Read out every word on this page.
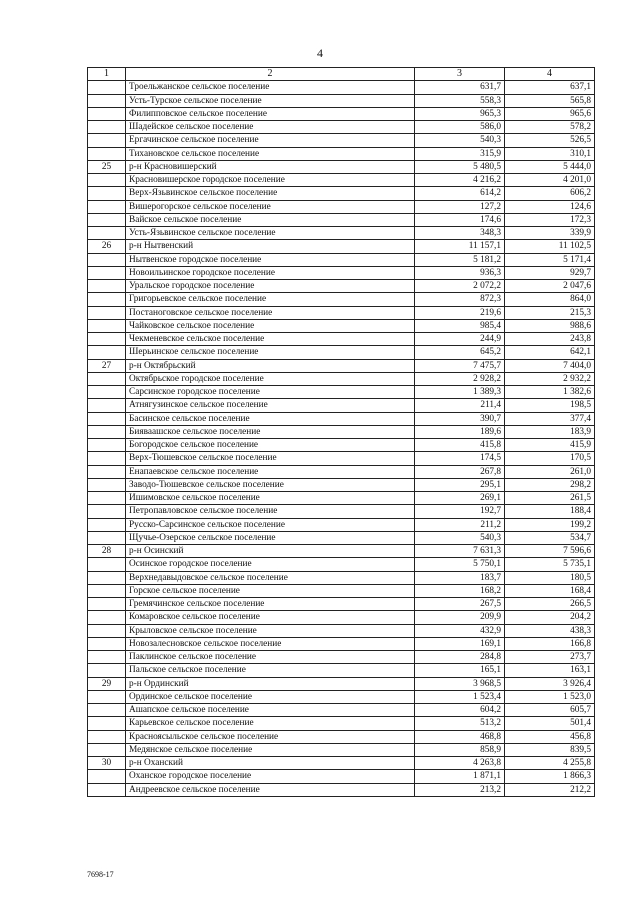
4
1	2	3	4
	Троельжанское сельское поселение	631,7	637,1
	Усть-Турское сельское поселение	558,3	565,8
	Филипповское сельское поселение	965,3	965,6
	Шадейское сельское поселение	586,0	578,2
	Ергачинское сельское поселение	540,3	526,5
	Тихановское сельское поселение	315,9	310,1
25	р-н Красновишерский	5 480,5	5 444,0
	Красновишерское городское поселение	4 216,2	4 201,0
	Верх-Язьвинское сельское поселение	614,2	606,2
	Вишерогорское сельское поселение	127,2	124,6
	Вайское сельское поселение	174,6	172,3
	Усть-Язьвинское сельское поселение	348,3	339,9
26	р-н Нытвенский	11 157,1	11 102,5
	Нытвенское городское поселение	5 181,2	5 171,4
	Новоильинское городское поселение	936,3	929,7
	Уральское городское поселение	2 072,2	2 047,6
	Григорьевское сельское поселение	872,3	864,0
	Постаноговское сельское поселение	219,6	215,3
	Чайковское сельское поселение	985,4	988,6
	Чекменевское сельское поселение	244,9	243,8
	Шерьинское сельское поселение	645,2	642,1
27	р-н Октябрьский	7 475,7	7 404,0
	Октябрьское городское поселение	2 928,2	2 932,2
	Сарсинское городское поселение	1 389,3	1 382,6
	Атнягузинское сельское поселение	211,4	198,5
	Басинское сельское поселение	390,7	377,4
	Бияваашское сельское поселение	189,6	183,9
	Богородское сельское поселение	415,8	415,9
	Верх-Тюшевское сельское поселение	174,5	170,5
	Енапаевское сельское поселение	267,8	261,0
	Заводо-Тюшевское сельское поселение	295,1	298,2
	Ишимовское сельское поселение	269,1	261,5
	Петропавловское сельское поселение	192,7	188,4
	Русско-Сарсинское сельское поселение	211,2	199,2
	Щучье-Озерское сельское поселение	540,3	534,7
28	р-н Осинский	7 631,3	7 596,6
	Осинское городское поселение	5 750,1	5 735,1
	Верхнедавыдовское сельское поселение	183,7	180,5
	Горское сельское поселение	168,2	168,4
	Гремячинское сельское поселение	267,5	266,5
	Комаровское сельское поселение	209,9	204,2
	Крыловское сельское поселение	432,9	438,3
	Новозалесновское сельское поселение	169,1	166,8
	Паклинское сельское поселение	284,8	273,7
	Пальское сельское поселение	165,1	163,1
29	р-н Ординский	3 968,5	3 926,4
	Ординское сельское поселение	1 523,4	1 523,0
	Ашапское сельское поселение	604,2	605,7
	Карьевское сельское поселение	513,2	501,4
	Красноясыльское сельское поселение	468,8	456,8
	Медянское сельское поселение	858,9	839,5
30	р-н Оханский	4 263,8	4 255,8
	Оханское городское поселение	1 871,1	1 866,3
	Андреевское сельское поселение	213,2	212,2
7698-17
